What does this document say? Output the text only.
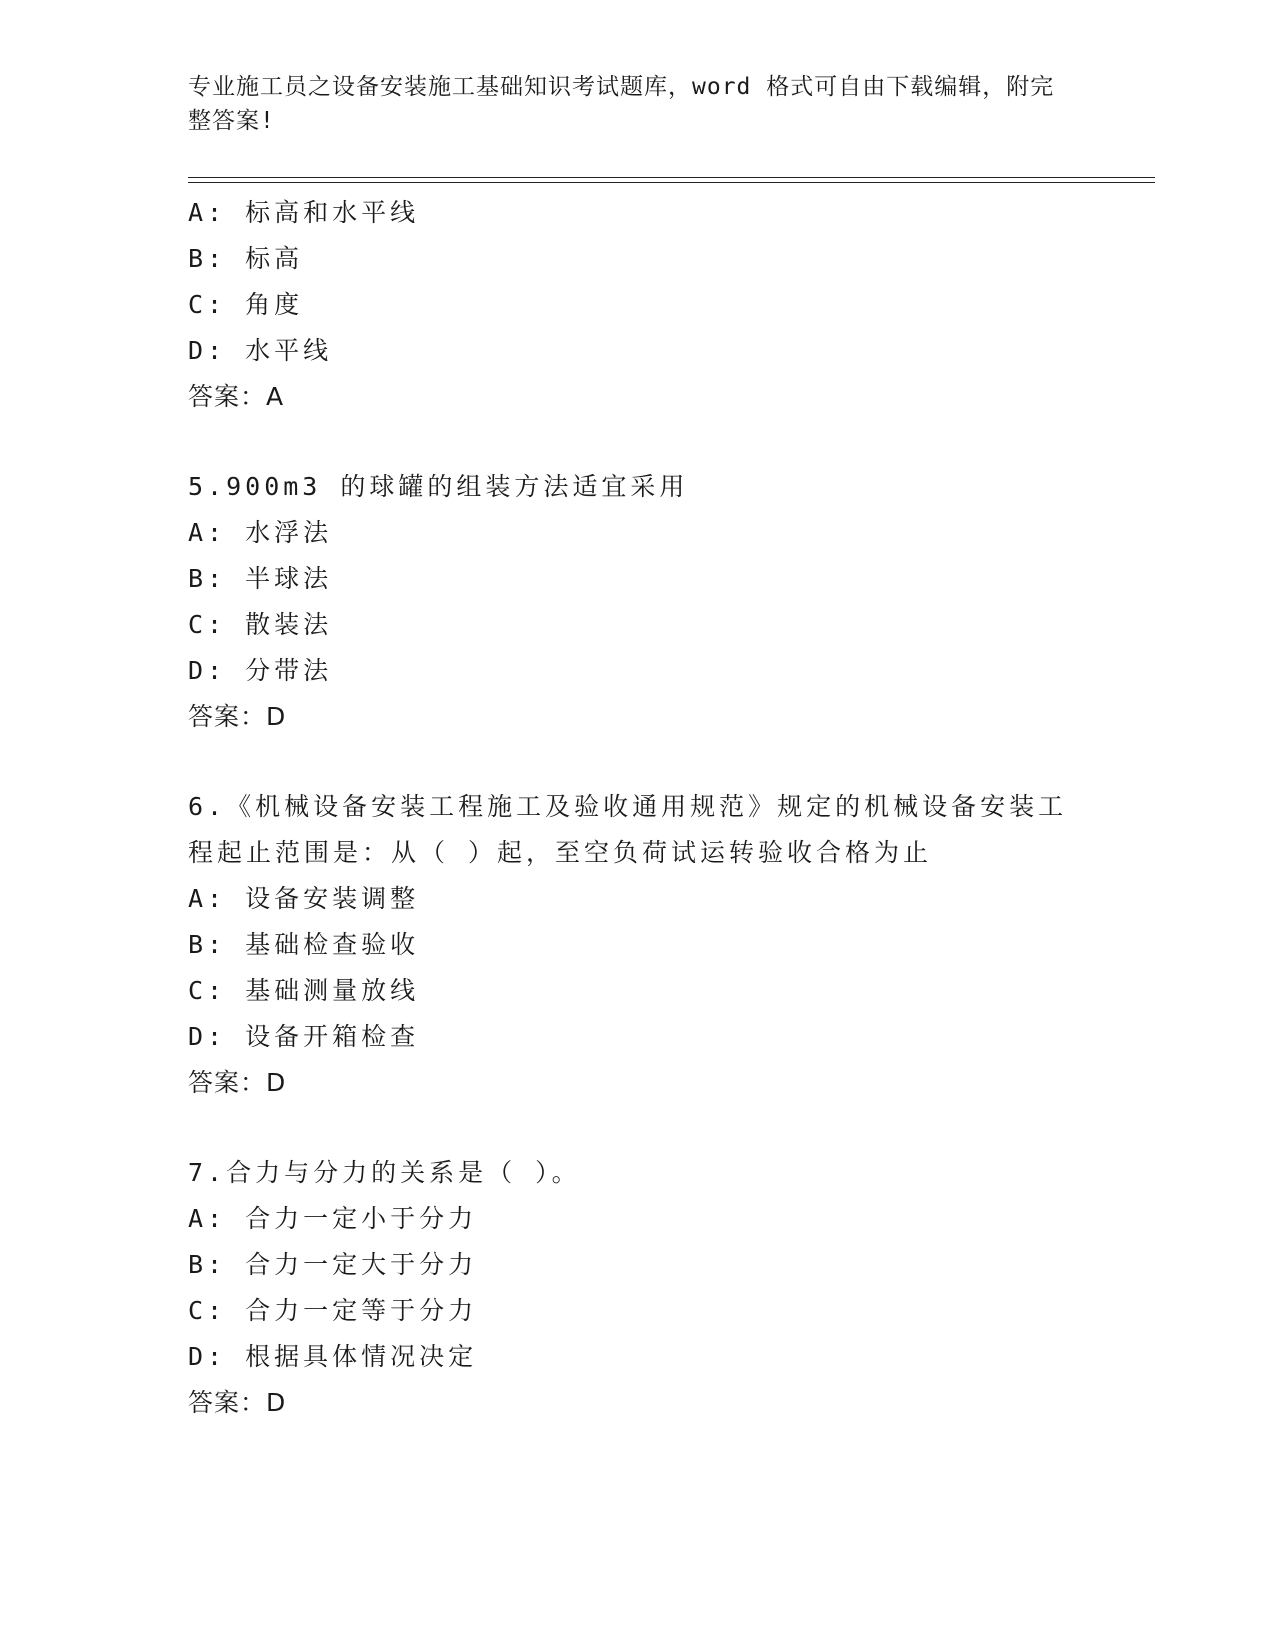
专业施工员之设备安装施工基础知识考试题库，word 格式可自由下载编辑，附完整答案!
A: 标高和水平线
B: 标高
C: 角度
D: 水平线
答案：A
5.900m3 的球罐的组装方法适宜采用
A: 水浮法
B: 半球法
C: 散装法
D: 分带法
答案：D
6.《机械设备安装工程施工及验收通用规范》规定的机械设备安装工
程起止范围是：从（ ）起，至空负荷试运转验收合格为止
A: 设备安装调整
B: 基础检查验收
C: 基础测量放线
D: 设备开箱检查
答案：D
7.合力与分力的关系是（ ）。
A: 合力一定小于分力
B: 合力一定大于分力
C: 合力一定等于分力
D: 根据具体情况决定
答案：D
